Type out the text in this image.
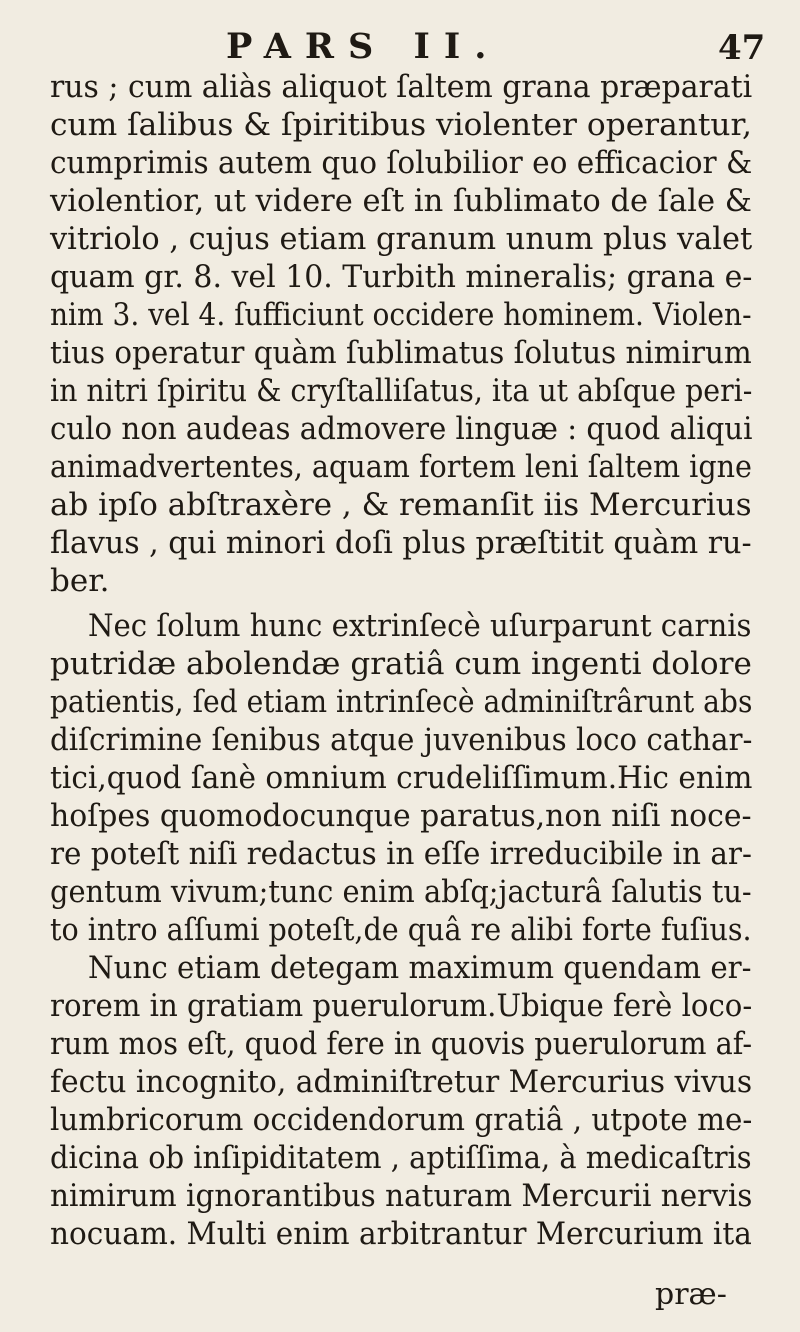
PARS II.	47
rus ; cum aliàs aliquot ſaltem grana præparati
cum ſalibus & ſpiritibus violenter operantur,
cumprimis autem quo ſolubilior eo efficacior &
violentior, ut videre eſt in ſublimato de ſale &
vitriolo , cujus etiam granum unum plus valet
quam gr. 8. vel 10. Turbith mineralis; grana e-
nim 3. vel 4. ſufficiunt occidere hominem. Violen-
tius operatur quàm ſublimatus ſolutus nimirum
in nitri ſpiritu & cryſtalliſatus, ita ut abſque peri-
culo non audeas admovere linguæ : quod aliqui
animadvertentes, aquam fortem leni ſaltem igne
ab ipſo abſtraxère , & remanſit iis Mercurius
flavus , qui minori doſi plus præſtitit quàm ru-
ber.
Nec ſolum hunc extrinſecè uſurparunt carnis
putridæ abolendæ gratiâ cum ingenti dolore
patientis, ſed etiam intrinſecè adminiſtrârunt abs
diſcrimine ſenibus atque juvenibus loco cathar-
tici,quod ſanè omnium crudeliſſimum.Hic enim
hoſpes quomodocunque paratus,non niſi noce-
re poteſt niſi redactus in eſſe irreducibile in ar-
gentum vivum;tunc enim abſq;jacturâ ſalutis tu-
to intro aſſumi poteſt,de quâ re alibi forte fuſius.
Nunc etiam detegam maximum quendam er-
rorem in gratiam puerulorum.Ubique ferè loco-
rum mos eſt, quod fere in quovis puerulorum af-
fectu incognito, adminiſtretur Mercurius vivus
lumbricorum occidendorum gratiâ , utpote me-
dicina ob inſipiditatem , aptiſſima, à medicaſtris
nimirum ignorantibus naturam Mercurii nervis
nocuam. Multi enim arbitrantur Mercurium ita
præ-
